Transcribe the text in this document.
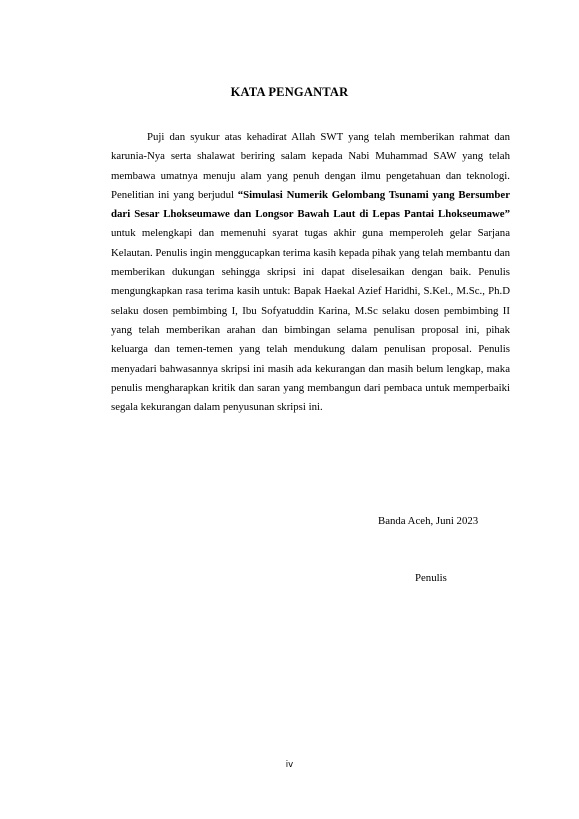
KATA PENGANTAR

Puji dan syukur atas kehadirat Allah SWT yang telah memberikan rahmat dan karunia-Nya serta shalawat beriring salam kepada Nabi Muhammad SAW yang telah membawa umatnya menuju alam yang penuh dengan ilmu pengetahuan dan teknologi. Penelitian ini yang berjudul “Simulasi Numerik Gelombang Tsunami yang Bersumber dari Sesar Lhokseumawe dan Longsor Bawah Laut di Lepas Pantai Lhokseumawe” untuk melengkapi dan memenuhi syarat tugas akhir guna memperoleh gelar Sarjana Kelautan. Penulis ingin menggucapkan terima kasih kepada pihak yang telah membantu dan memberikan dukungan sehingga skripsi ini dapat diselesaikan dengan baik. Penulis mengungkapkan rasa terima kasih untuk: Bapak Haekal Azief Haridhi, S.Kel., M.Sc., Ph.D selaku dosen pembimbing I, Ibu Sofyatuddin Karina, M.Sc selaku dosen pembimbing II yang telah memberikan arahan dan bimbingan selama penulisan proposal ini, pihak keluarga dan temen-temen yang telah mendukung dalam penulisan proposal. Penulis menyadari bahwasannya skripsi ini masih ada kekurangan dan masih belum lengkap, maka penulis mengharapkan kritik dan saran yang membangun dari pembaca untuk memperbaiki segala kekurangan dalam penyusunan skripsi ini.

Banda Aceh, Juni 2023
Penulis
iv
